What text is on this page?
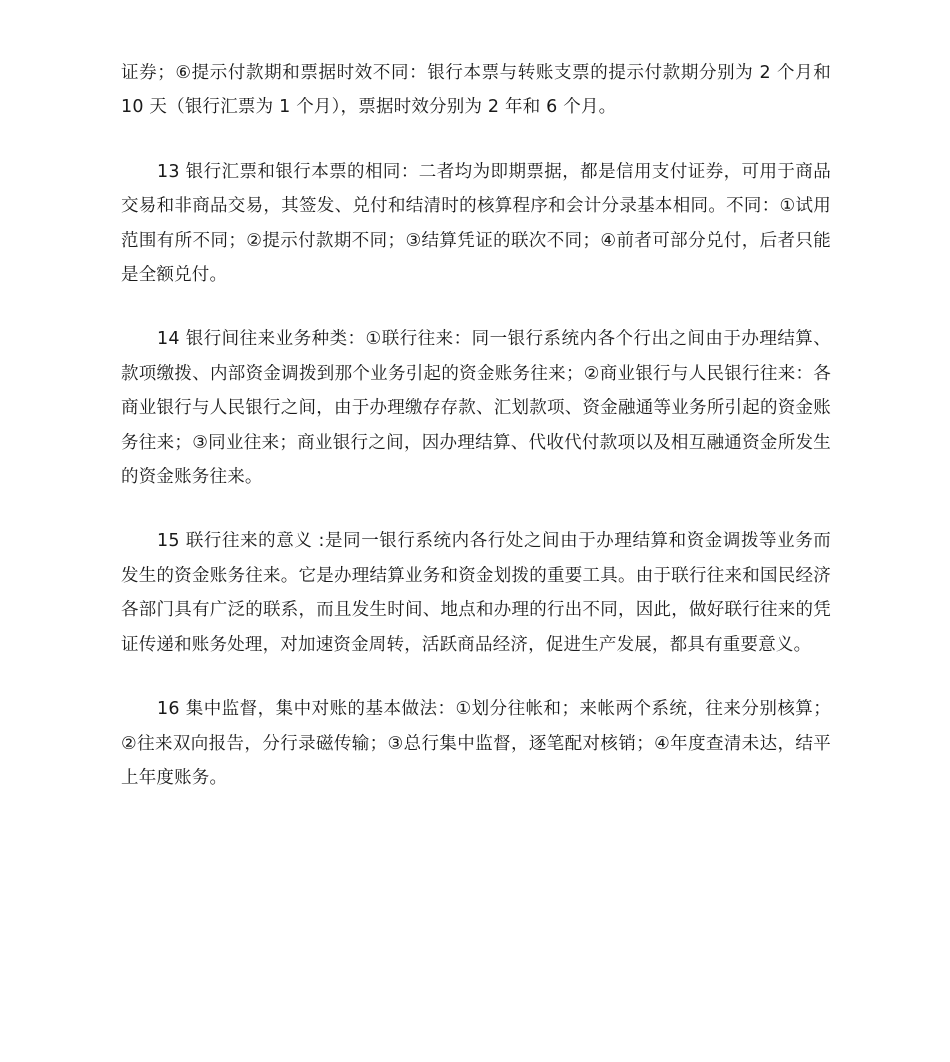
证券；⑥提示付款期和票据时效不同：银行本票与转账支票的提示付款期分别为 2 个月和 10 天（银行汇票为 1 个月），票据时效分别为 2 年和 6 个月。

13 银行汇票和银行本票的相同：二者均为即期票据，都是信用支付证券，可用于商品交易和非商品交易，其签发、兑付和结清时的核算程序和会计分录基本相同。不同：①试用范围有所不同；②提示付款期不同；③结算凭证的联次不同；④前者可部分兑付，后者只能是全额兑付。

14 银行间往来业务种类：①联行往来：同一银行系统内各个行出之间由于办理结算、款项缴拨、内部资金调拨到那个业务引起的资金账务往来；②商业银行与人民银行往来：各商业银行与人民银行之间，由于办理缴存存款、汇划款项、资金融通等业务所引起的资金账务往来；③同业往来；商业银行之间，因办理结算、代收代付款项以及相互融通资金所发生的资金账务往来。

15 联行往来的意义 :是同一银行系统内各行处之间由于办理结算和资金调拨等业务而发生的资金账务往来。它是办理结算业务和资金划拨的重要工具。由于联行往来和国民经济各部门具有广泛的联系，而且发生时间、地点和办理的行出不同，因此，做好联行往来的凭证传递和账务处理，对加速资金周转，活跃商品经济，促进生产发展，都具有重要意义。

16 集中监督，集中对账的基本做法：①划分往帐和；来帐两个系统，往来分别核算；②往来双向报告，分行录磁传输；③总行集中监督，逐笔配对核销；④年度查清未达，结平上年度账务。
